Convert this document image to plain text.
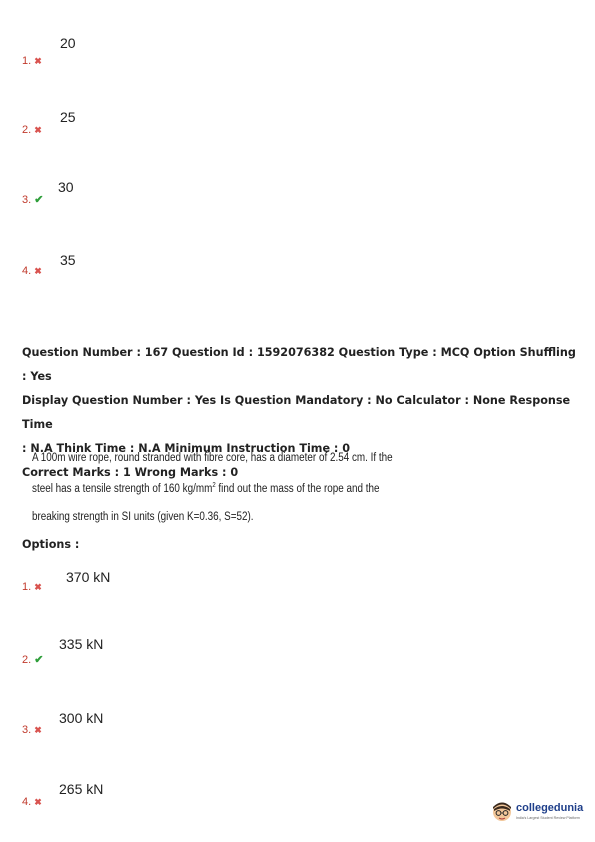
1. ✖
20
2. ✖
25
3. ✔
30
4. ✖
35
Question Number : 167 Question Id : 1592076382 Question Type : MCQ Option Shuffling : Yes
Display Question Number : Yes Is Question Mandatory : No Calculator : None Response Time
: N.A Think Time : N.A Minimum Instruction Time : 0
Correct Marks : 1 Wrong Marks : 0
A 100m wire rope, round stranded with fibre core, has a diameter of 2.54 cm. If the
steel has a tensile strength of 160 $kg/mm^2$ find out the mass of the rope and the
breaking strength in SI units (given K=0.36, S=52).
Options :
1. ✖
370 kN
2. ✔
335 kN
3. ✖
300 kN
4. ✖
265 kN
collegedunia
India's Largest Student Review Platform
